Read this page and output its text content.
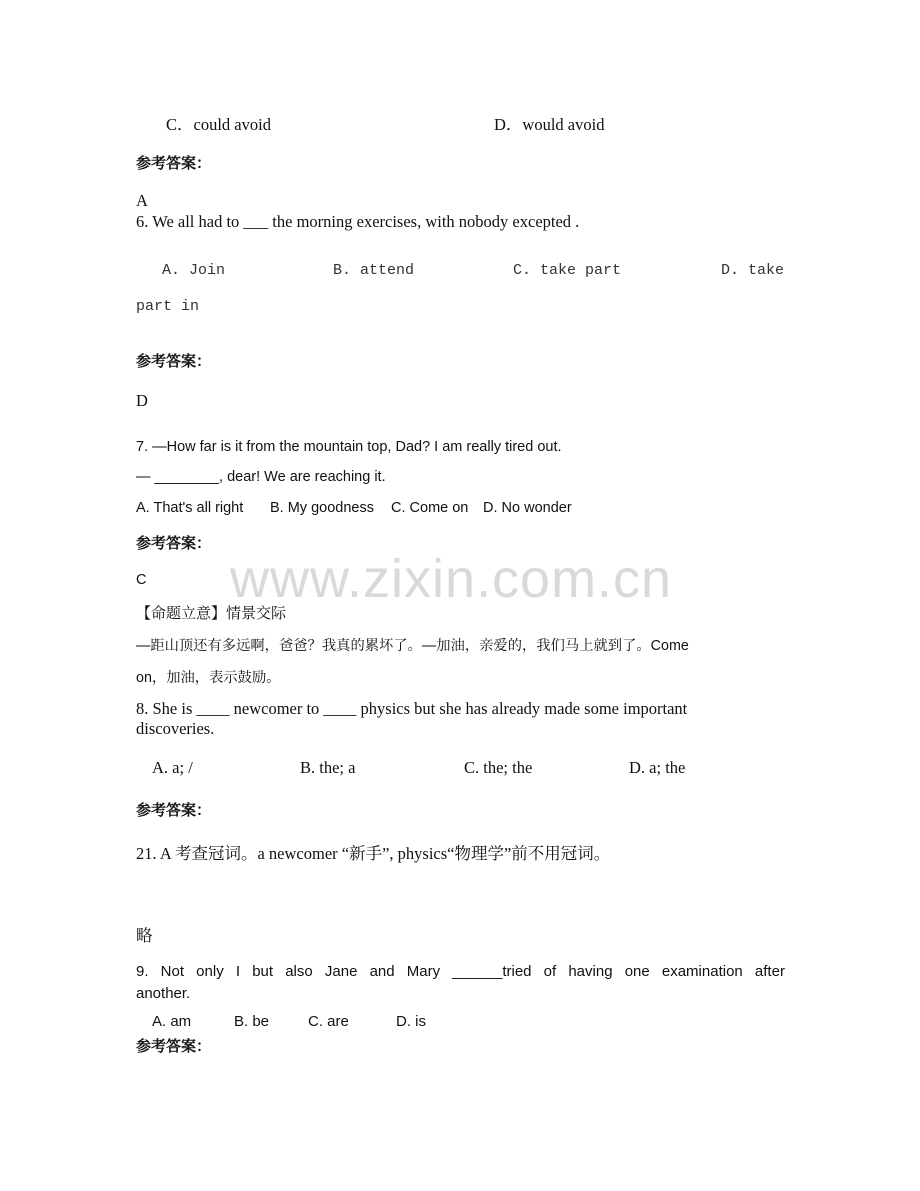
www.zixin.com.cn
C．could avoid	D．would avoid
参考答案：
A
6. We all had to ___ the morning exercises, with nobody excepted .
A. Join	B. attend	C. take part	D. take
part in
参考答案：
D
7. —How far is it from the mountain top, Dad? I am really tired out.
— ________, dear! We are reaching it.
A. That's all right B. My goodness C. Come on D. No wonder
参考答案：
C
【命题立意】情景交际
—距山顶还有多远啊，爸爸？我真的累坏了。—加油，亲爱的，我们马上就到了。Come
on，加油，表示鼓励。
8. She is ____ newcomer to ____ physics but she has already made some important
discoveries.
A. a; /	B. the; a	C. the; the	D. a; the
参考答案：
21. A 考查冠词。a newcomer “新手”, physics“物理学”前不用冠词。
略
9. Not only I but also Jane and Mary ______tried of having one examination after
another.
A. am	B. be	C. are	D. is
参考答案：
